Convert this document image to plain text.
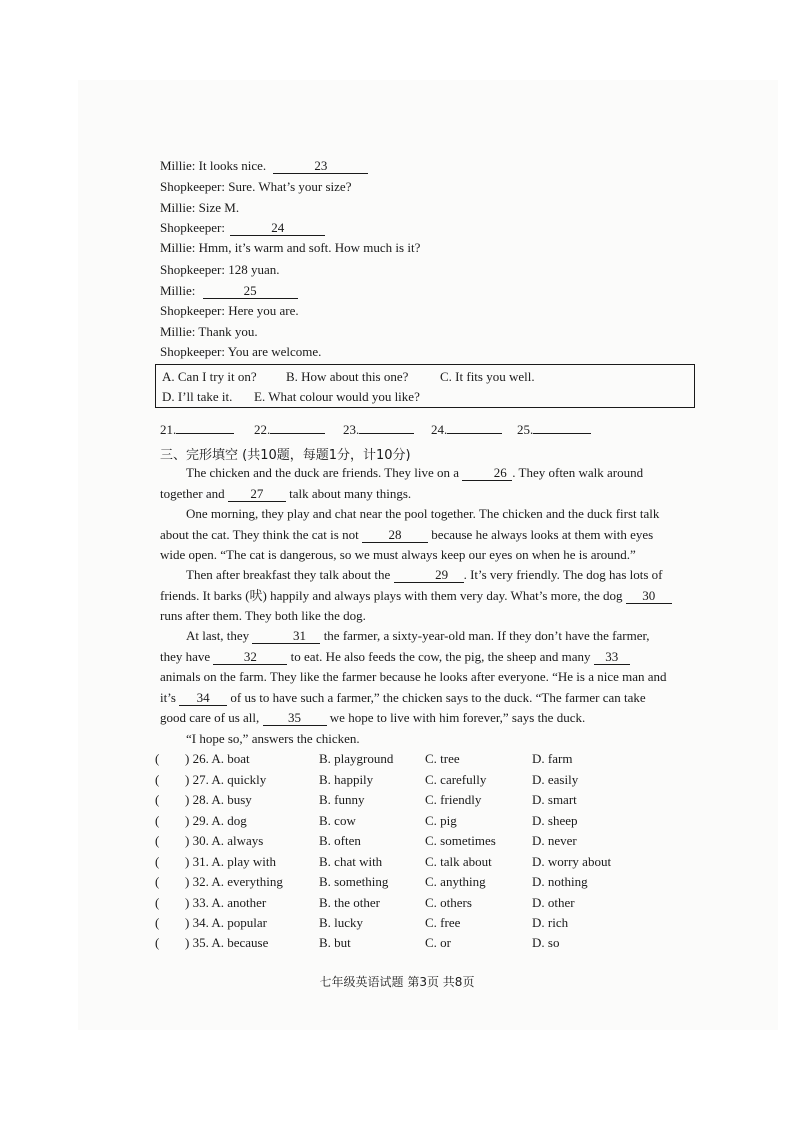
Millie: It looks nice.	23
Shopkeeper: Sure. What’s your size?
Millie: Size M.
Shopkeeper:	24
Millie: Hmm, it’s warm and soft. How much is it?
Shopkeeper: 128 yuan.
Millie:	25
Shopkeeper: Here you are.
Millie: Thank you.
Shopkeeper: You are welcome.
A. Can I try it on? B. How about this one? C. It fits you well.
D. I’ll take it. E. What colour would you like?
21.	22.	23.	24.	25.
三、完形填空 (共10题，每题1分，计10分)
The chicken and the duck are friends. They live on a	26 . They often walk around
together and 27 talk about many things.
One morning, they play and chat near the pool together. The chicken and the duck first talk
about the cat. They think the cat is not 28 because he always looks at them with eyes
wide open. “The cat is dangerous, so we must always keep our eyes on when he is around.”
Then after breakfast they talk about the	29 . It’s very friendly. The dog has lots of
friends. It barks (吠) happily and always plays with them very day. What’s more, the dog 30
runs after them. They both like the dog.
At last, they	31 the farmer, a sixty-year-old man. If they don’t have the farmer,
they have	32	to eat. He also feeds the cow, the pig, the sheep and many 33
animals on the farm. They like the farmer because he looks after everyone. “He is a nice man and
it’s 34 of us to have such a farmer,” the chicken says to the duck. “The farmer can take
good care of us all, 35 we hope to live with him forever,” says the duck.
“I hope so,” answers the chicken.
( ) 26. A. boat	B. playground C. tree	D. farm
( ) 27. A. quickly	B. happily	C. carefully	D. easily
( ) 28. A. busy	B. funny	C. friendly	D. smart
( ) 29. A. dog	B. cow	C. pig	D. sheep
( ) 30. A. always	B. often	C. sometimes	D. never
( ) 31. A. play with	B. chat with	C. talk about	D. worry about
( ) 32. A. everything	B. something	C. anything	D. nothing
( ) 33. A. another	B. the other	C. others	D. other
( ) 34. A. popular	B. lucky	C. free	D. rich
( ) 35. A. because	B. but	C. or	D. so
七年级英语试题 第3页 共8页
